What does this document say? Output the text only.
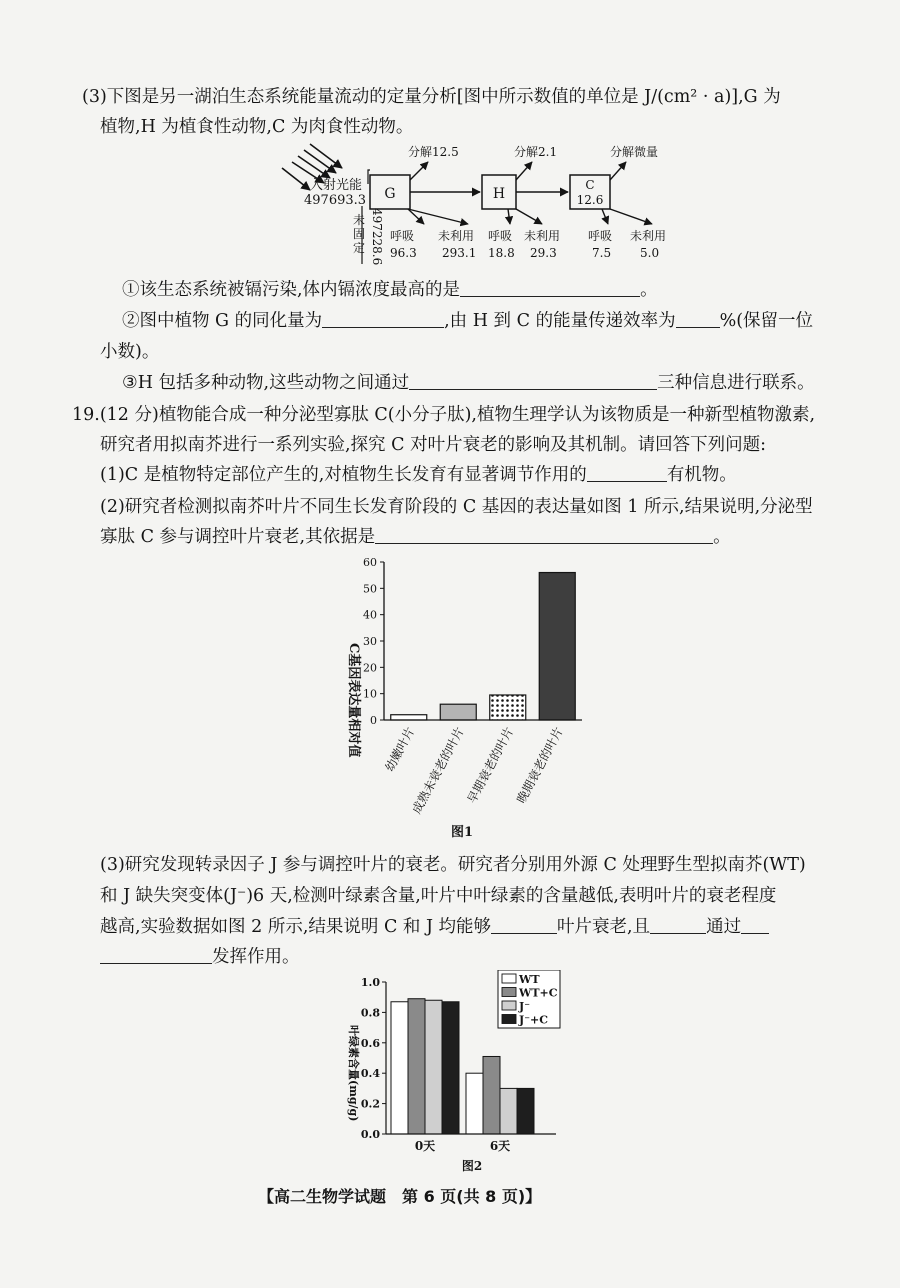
(3)下图是另一湖泊生态系统能量流动的定量分析[图中所示数值的单位是 J/(cm² · a)],G 为
植物,H 为植食性动物,C 为肉食性动物。
入射光能
497693.3 G
497228.6
未
固
定
H
C
12.6
分解12.5	分解2.1	分解微量
呼吸
96.3
未利用
293.1
呼吸
18.8
未利用
29.3
呼吸
7.5
未利用
5.0
①该生态系统被镉污染,体内镉浓度最高的是	。
②图中植物 G 的同化量为	,由 H 到 C 的能量传递效率为	%(保留一位
小数)。
③H 包括多种动物,这些动物之间通过	三种信息进行联系。
19.(12 分)植物能合成一种分泌型寡肽 C(小分子肽),植物生理学认为该物质是一种新型植物激素,
研究者用拟南芥进行一系列实验,探究 C 对叶片衰老的影响及其机制。请回答下列问题:
(1)C 是植物特定部位产生的,对植物生长发育有显著调节作用的	有机物。
(2)研究者检测拟南芥叶片不同生长发育阶段的 C 基因的表达量如图 1 所示,结果说明,分泌型
寡肽 C 参与调控叶片衰老,其依据是	。
0
10
20
30
40
50
60
幼嫩叶片
成熟未衰老的叶片
早期衰老的叶片
晚期衰老的叶片
C基因表达量相对值
图1
(3)研究发现转录因子 J 参与调控叶片的衰老。研究者分别用外源 C 处理野生型拟南芥(WT)
和 J 缺失突变体(J⁻)6 天,检测叶绿素含量,叶片中叶绿素的含量越低,表明叶片的衰老程度
越高,实验数据如图 2 所示,结果说明 C 和 J 均能够	叶片衰老,且	通过
发挥作用。
0.0
0.2
0.4
0.6
0.8
1.0
0天	6天
WT
WT+C
J⁻
J⁻+C
叶绿素含量(mg/g)
图2
【高二生物学试题　第 6 页(共 8 页)】
